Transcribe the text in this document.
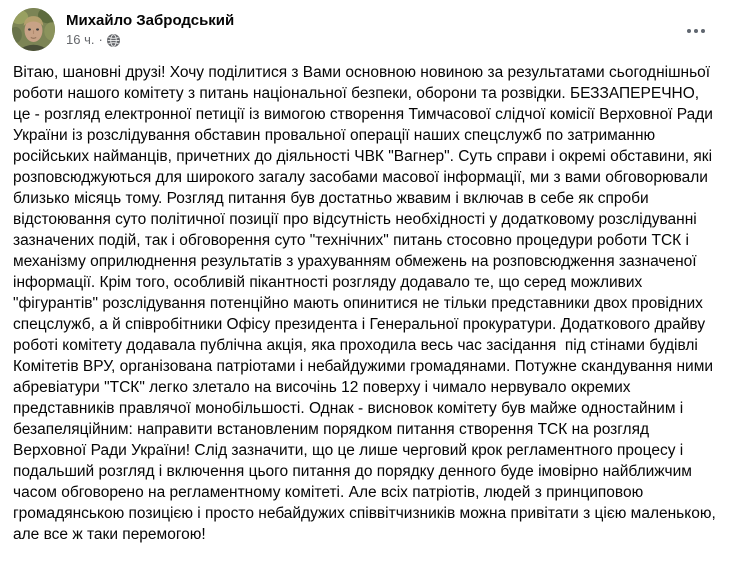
Михайло Забродський
16 ч. ·
Вітаю, шановні друзі! Хочу поділитися з Вами основною новиною за результатами сьогоднішньої роботи нашого комітету з питань національної безпеки, оборони та розвідки. БЕЗЗАПЕРЕЧНО, це - розгляд електронної петиції із вимогою створення Тимчасової слідчої комісії Верховної Ради України із розслідування обставин провальної операції наших спецслужб по затриманню російських найманців, причетних до діяльності ЧВК "Вагнер". Суть справи і окремі обставини, які розповсюджуються для широкого загалу засобами масової інформації, ми з вами обговорювали близько місяць тому. Розгляд питання був достатньо жвавим і включав в себе як спроби відстоювання суто політичної позиції про відсутність необхідності у додатковому розслідуванні зазначених подій, так і обговорення суто "технічних" питань стосовно процедури роботи ТСК і механізму оприлюднення результатів з урахуванням обмежень на розповсюдження зазначеної інформації. Крім того, особливій пікантності розгляду додавало те, що серед можливих "фігурантів" розслідування потенційно мають опинитися не тільки представники двох провідних спецслужб, а й співробітники Офісу президента і Генеральної прокуратури. Додаткового драйву роботі комітету додавала публічна акція, яка проходила весь час засідання  під стінами будівлі Комітетів ВРУ, організована патріотами і небайдужими громадянами. Потужне скандування ними абревіатури "ТСК" легко злетало на височінь 12 поверху і чимало нервувало окремих представників правлячої монобільшості. Однак - висновок комітету був майже одностайним і безапеляційним: направити встановленим порядком питання створення ТСК на розгляд Верховної Ради України! Слід зазначити, що це лише черговий крок регламентного процесу і подальший розгляд і включення цього питання до порядку денного буде імовірно найближчим часом обговорено на регламентному комітеті. Але всіх патріотів, людей з принциповою громадянською позицією і просто небайдужих співвітчизників можна привітати з цією маленькою, але все ж таки перемогою!
